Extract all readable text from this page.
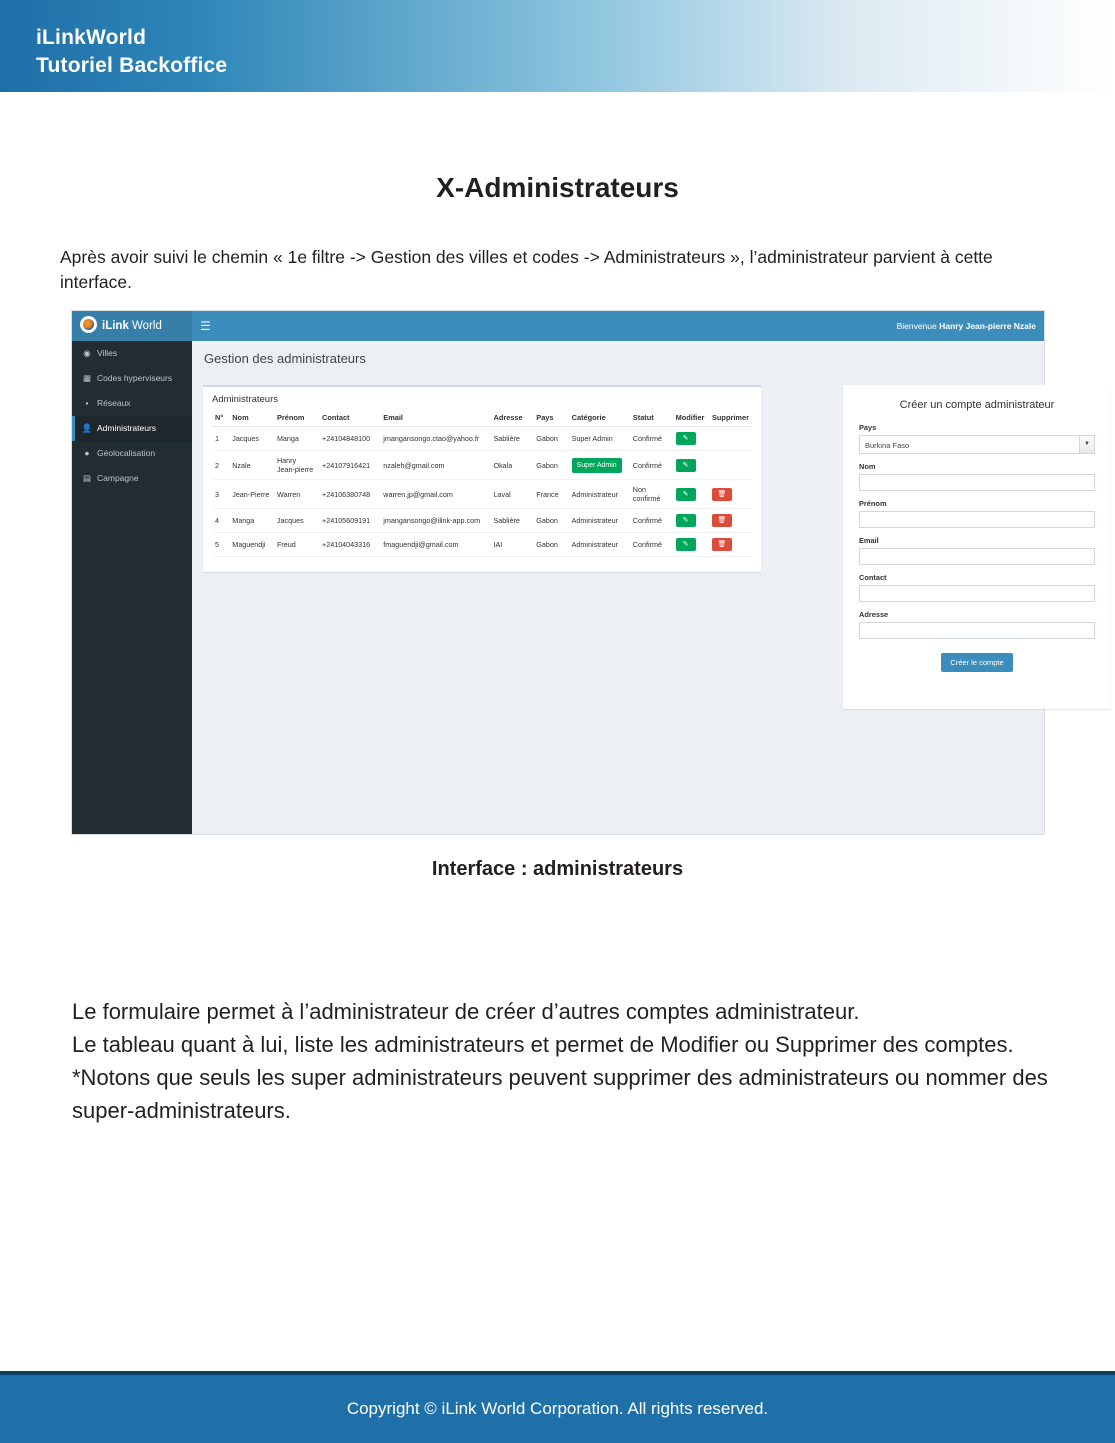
iLinkWorld
Tutoriel Backoffice
X-Administrateurs
Après avoir suivi le chemin « 1e filtre -> Gestion des villes et codes -> Administrateurs », l’administrateur parvient à cette interface.
iLink World	☰	Bienvenue Hanry Jean-pierre Nzale
◉ Villes
▦ Codes hyperviseurs
▪ Réseaux
👤 Administrateurs
● Géolocalisation
▤ Campagne
Gestion des administrateurs
Administrateurs
N°	Nom	Prénom	Contact	Email	Adresse	Pays	Catégorie	Statut	Modifier	Supprimer
1	Jacques	Manga	+24104848100	jmangansongo.ctao@yahoo.fr	Sablière	Gabon	Super Admin	Confirmé	✎	
2	Nzale	Hanry Jean-pierre	+24107916421	nzaleh@gmail.com	Okala	Gabon	Super Admin	Confirmé	✎	
3	Jean-Pierre	Warren	+24106380748	warren.jp@gmail.com	Laval	France	Administrateur	Non confirmé	✎	🗑
4	Manga	Jacques	+24105609191	jmangansongo@ilink-app.com	Sablière	Gabon	Administrateur	Confirmé	✎	🗑
5	Maguendji	Freud	+24104043316	fmaguendji@gmail.com	IAI	Gabon	Administrateur	Confirmé	✎	🗑
Créer un compte administrateur
Pays
Burkina Faso	▼
Nom
Prénom
Email
Contact
Adresse
Créer le compte
Interface : administrateurs

Le formulaire permet à l’administrateur de créer d’autres comptes administrateur.

Le tableau quant à lui, liste les administrateurs et permet de Modifier ou Supprimer des comptes.

*Notons que seuls les super administrateurs peuvent supprimer des administrateurs ou nommer des super-administrateurs.

Copyright © iLink World Corporation. All rights reserved.
